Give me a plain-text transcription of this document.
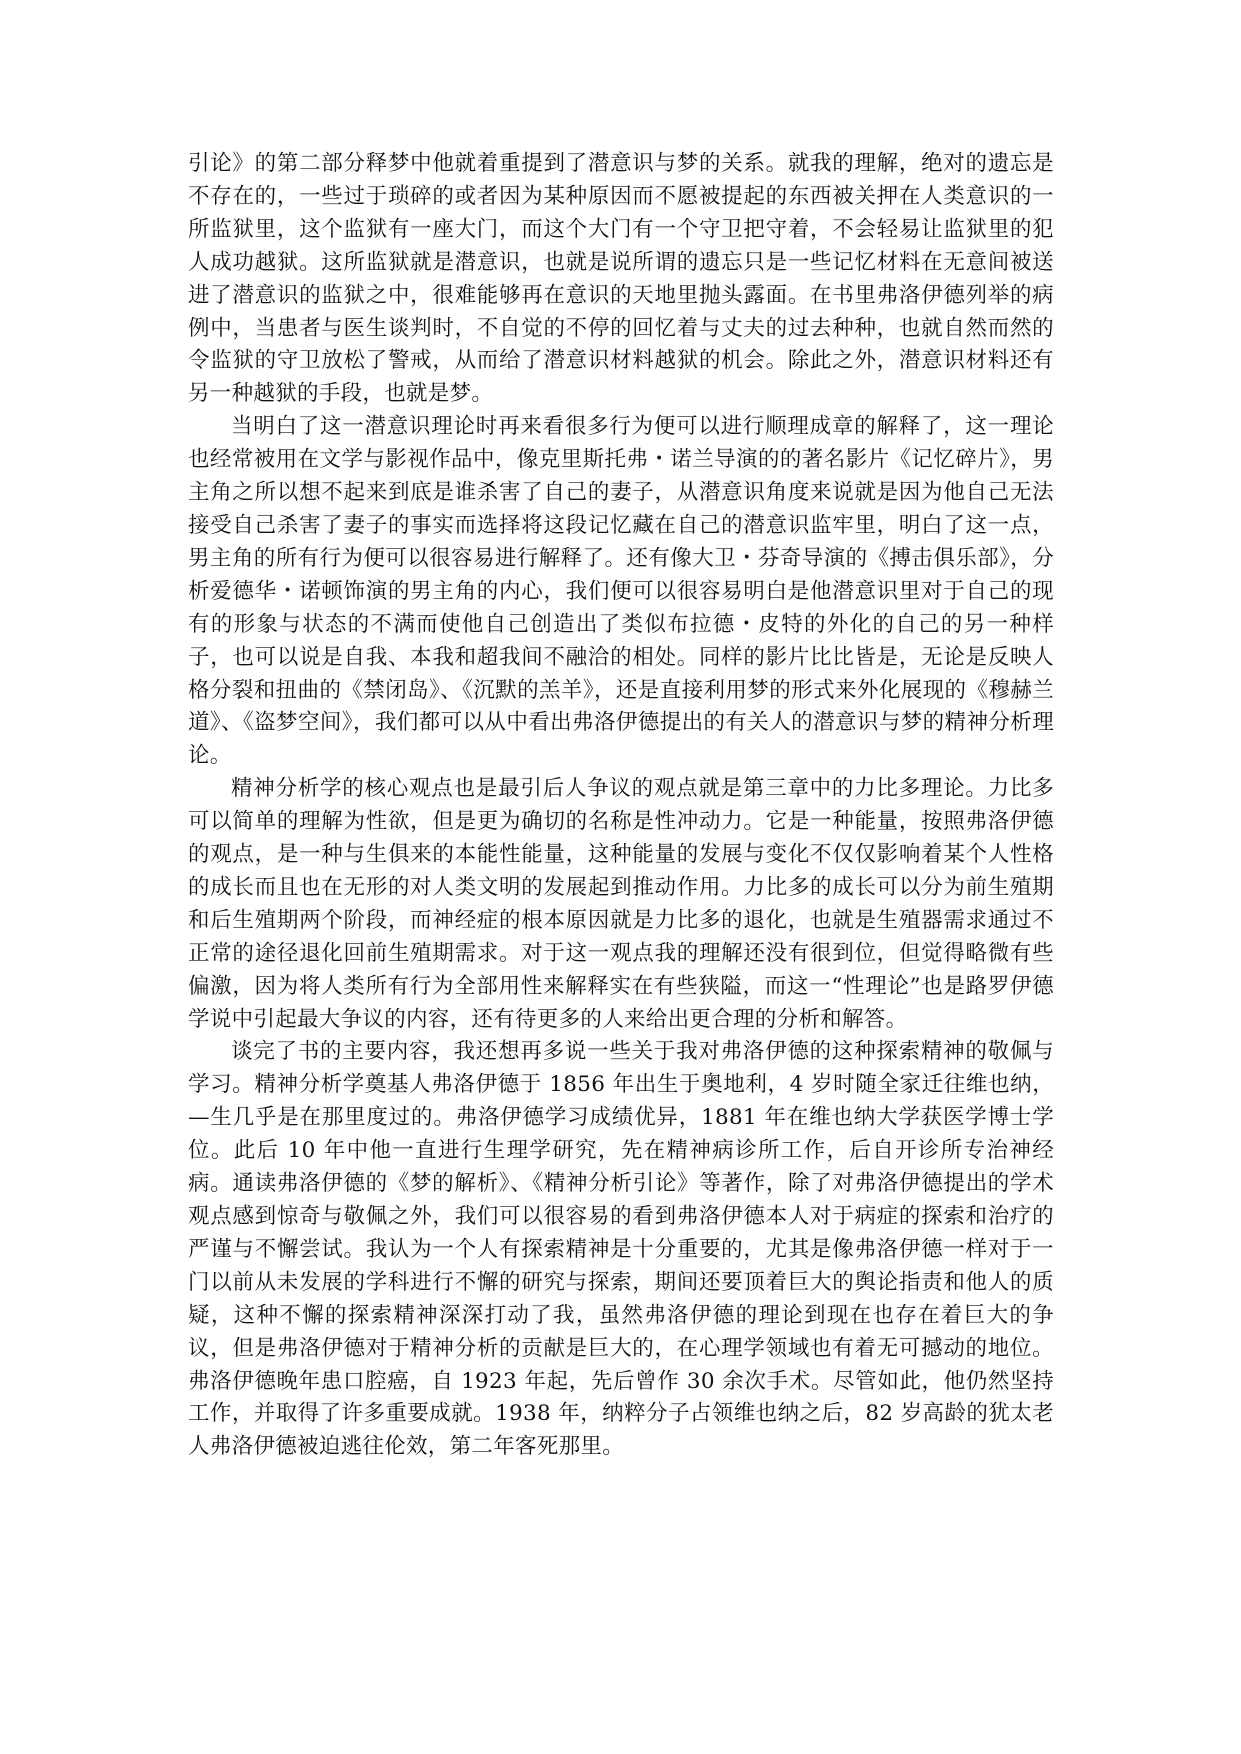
引论》的第二部分释梦中他就着重提到了潜意识与梦的关系。就我的理解，绝对的遗忘是不存在的，一些过于琐碎的或者因为某种原因而不愿被提起的东西被关押在人类意识的一所监狱里，这个监狱有一座大门，而这个大门有一个守卫把守着，不会轻易让监狱里的犯人成功越狱。这所监狱就是潜意识，也就是说所谓的遗忘只是一些记忆材料在无意间被送进了潜意识的监狱之中，很难能够再在意识的天地里抛头露面。在书里弗洛伊德列举的病例中，当患者与医生谈判时，不自觉的不停的回忆着与丈夫的过去种种，也就自然而然的令监狱的守卫放松了警戒，从而给了潜意识材料越狱的机会。除此之外，潜意识材料还有另一种越狱的手段，也就是梦。

当明白了这一潜意识理论时再来看很多行为便可以进行顺理成章的解释了，这一理论也经常被用在文学与影视作品中，像克里斯托弗・诺兰导演的的著名影片《记忆碎片》，男主角之所以想不起来到底是谁杀害了自己的妻子，从潜意识角度来说就是因为他自己无法接受自己杀害了妻子的事实而选择将这段记忆藏在自己的潜意识监牢里，明白了这一点，男主角的所有行为便可以很容易进行解释了。还有像大卫・芬奇导演的《搏击俱乐部》，分析爱德华・诺顿饰演的男主角的内心，我们便可以很容易明白是他潜意识里对于自己的现有的形象与状态的不满而使他自己创造出了类似布拉德・皮特的外化的自己的另一种样子，也可以说是自我、本我和超我间不融洽的相处。同样的影片比比皆是，无论是反映人格分裂和扭曲的《禁闭岛》、《沉默的羔羊》，还是直接利用梦的形式来外化展现的《穆赫兰道》、《盗梦空间》，我们都可以从中看出弗洛伊德提出的有关人的潜意识与梦的精神分析理论。

精神分析学的核心观点也是最引后人争议的观点就是第三章中的力比多理论。力比多可以简单的理解为性欲，但是更为确切的名称是性冲动力。它是一种能量，按照弗洛伊德的观点，是一种与生俱来的本能性能量，这种能量的发展与变化不仅仅影响着某个人性格的成长而且也在无形的对人类文明的发展起到推动作用。力比多的成长可以分为前生殖期和后生殖期两个阶段，而神经症的根本原因就是力比多的退化，也就是生殖器需求通过不正常的途径退化回前生殖期需求。对于这一观点我的理解还没有很到位，但觉得略微有些偏激，因为将人类所有行为全部用性来解释实在有些狭隘，而这一“性理论”也是路罗伊德学说中引起最大争议的内容，还有待更多的人来给出更合理的分析和解答。

谈完了书的主要内容，我还想再多说一些关于我对弗洛伊德的这种探索精神的敬佩与学习。精神分析学奠基人弗洛伊德于 1856 年出生于奥地利，4 岁时随全家迁往维也纳，—生几乎是在那里度过的。弗洛伊德学习成绩优异，1881 年在维也纳大学获医学博士学位。此后 10 年中他一直进行生理学研究，先在精神病诊所工作，后自开诊所专治神经病。通读弗洛伊德的《梦的解析》、《精神分析引论》等著作，除了对弗洛伊德提出的学术观点感到惊奇与敬佩之外，我们可以很容易的看到弗洛伊德本人对于病症的探索和治疗的严谨与不懈尝试。我认为一个人有探索精神是十分重要的，尤其是像弗洛伊德一样对于一门以前从未发展的学科进行不懈的研究与探索，期间还要顶着巨大的舆论指责和他人的质疑，这种不懈的探索精神深深打动了我，虽然弗洛伊德的理论到现在也存在着巨大的争议，但是弗洛伊德对于精神分析的贡献是巨大的，在心理学领域也有着无可撼动的地位。弗洛伊德晚年患口腔癌，自 1923 年起，先后曾作 30 余次手术。尽管如此，他仍然坚持工作，并取得了许多重要成就。1938 年，纳粹分子占领维也纳之后，82 岁高龄的犹太老人弗洛伊德被迫逃往伦效，第二年客死那里。
